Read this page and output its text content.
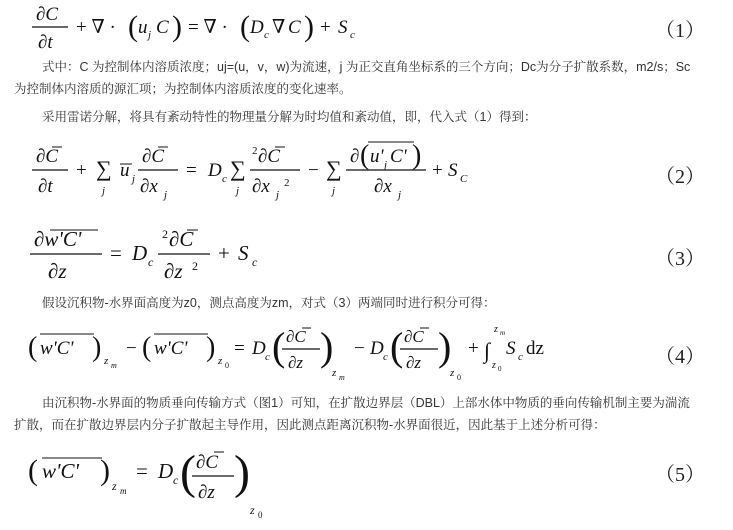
∂C
∂t
+ ∇ · ( u j C ) = ∇ · ( D c ∇ C ) + S c	（1）
式中：C 为控制体内溶质浓度；uj=(u，v，w)为流速，j 为正交直角坐标系的三个方向；Dc为分子扩散系数，m2/s；Sc
为控制体内溶质的源汇项；为控制体内溶质浓度的变化速率。
采用雷诺分解，将具有紊动特性的物理量分解为时均值和紊动值，即，代入式（1）得到：
∂C
∂t
+ ∑
j
u j
∂C
∂x j
= D c ∑
j
2 ∂C
∂x j
2
− ∑
j
∂ ( u' j C' )
∂x j
+ S C	（2）
∂w'C'
∂z
= D c
2 ∂C
∂z 2
+ S c	（3）
假设沉积物-水界面高度为z0，测点高度为zm，对式（3）两端同时进行积分可得：
( w'C' ) z m
− ( w'C' ) z 0
= D c ( ∂C
∂z )
z m
− D c ( ∂C
∂z )
z 0
+ ∫
z m
z 0
S c dz	（4）
由沉积物-水界面的物质垂向传输方式（图1）可知，在扩散边界层（DBL）上部水体中物质的垂向传输机制主要为湍流
扩散，而在扩散边界层内分子扩散起主导作用，因此测点距离沉积物-水界面很近，因此基于上述分析可得：
( w'C' ) z m
= D c ( ∂C
∂z )
z 0
（5）
